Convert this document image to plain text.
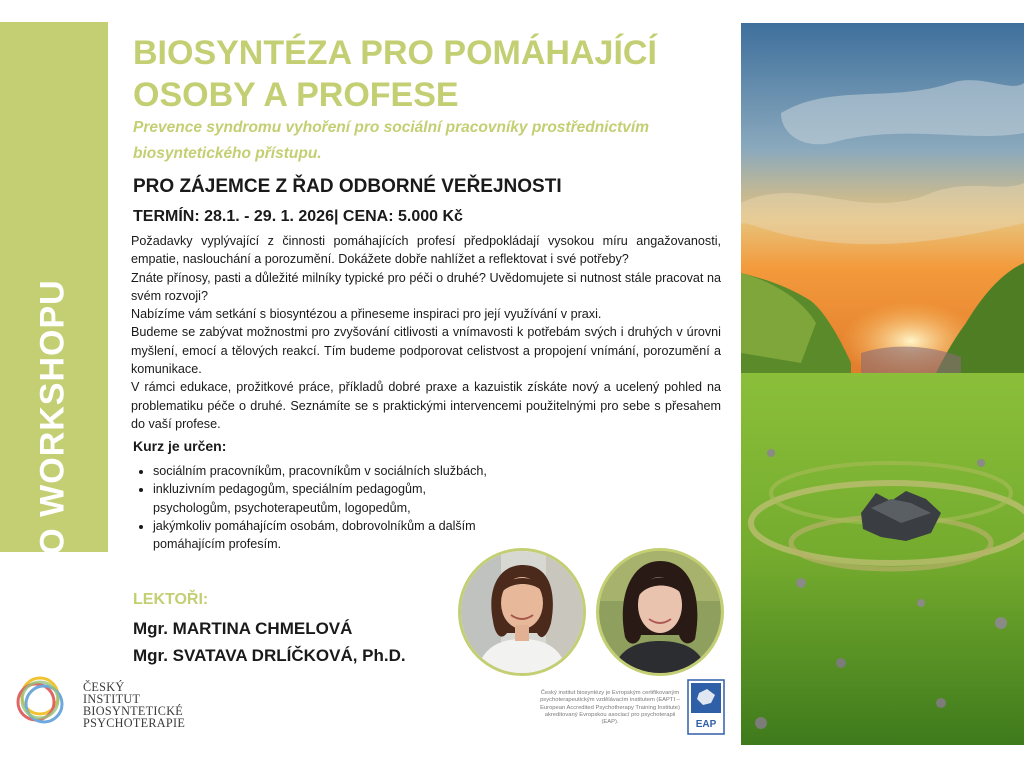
O WORKSHOPU
BIOSYNTÉZA PRO POMÁHAJÍCÍ
OSOBY A PROFESE
Prevence syndromu vyhoření pro sociální pracovníky prostřednictvím biosyntetického přístupu.
PRO ZÁJEMCE Z ŘAD ODBORNÉ VEŘEJNOSTI
TERMÍN: 28.1. - 29. 1. 2026| CENA: 5.000 Kč

Požadavky vyplývající z činnosti pomáhajících profesí předpokládají vysokou míru angažovanosti, empatie, naslouchání a porozumění. Dokážete dobře nahlížet a reflektovat i své potřeby?

Znáte přínosy, pasti a důležité milníky typické pro péči o druhé? Uvědomujete si nutnost stále pracovat na svém rozvoji?

Nabízíme vám setkání s biosyntézou a přineseme inspiraci pro její využívání v praxi.

Budeme se zabývat možnostmi pro zvyšování citlivosti a vnímavosti k potřebám svých i druhých v úrovni myšlení, emocí a tělových reakcí. Tím budeme podporovat celistvost a propojení vnímání, porozumění a komunikace.

V rámci edukace, prožitkové práce, příkladů dobré praxe a kazuistik získáte nový a ucelený pohled na problematiku péče o druhé. Seznámíte se s praktickými intervencemi použitelnými pro sebe s přesahem do vaší profese.

Kurz je určen:
• sociálním pracovníkům, pracovníkům v sociálních službách,
• inkluzivním pedagogům, speciálním pedagogům, psychologům, psychoterapeutům, logopedům,
• jakýmkoliv pomáhajícím osobám, dobrovolníkům a dalším pomáhajícím profesím.
LEKTOŘI:
Mgr. MARTINA CHMELOVÁ
Mgr. SVATAVA DRLÍČKOVÁ, Ph.D.
ČESKÝ
INSTITUT
BIOSYNTETICKÉ
PSYCHOTERAPIE
Český institut biosyntézy je Evropským certifikovaným psychoterapeutickým vzdělávacím institutem (EAPTI – European Accredited Psychotherapy Training Institute) akreditovaný Evropskou asociací pro psychoterapii (EAP).	EAP
